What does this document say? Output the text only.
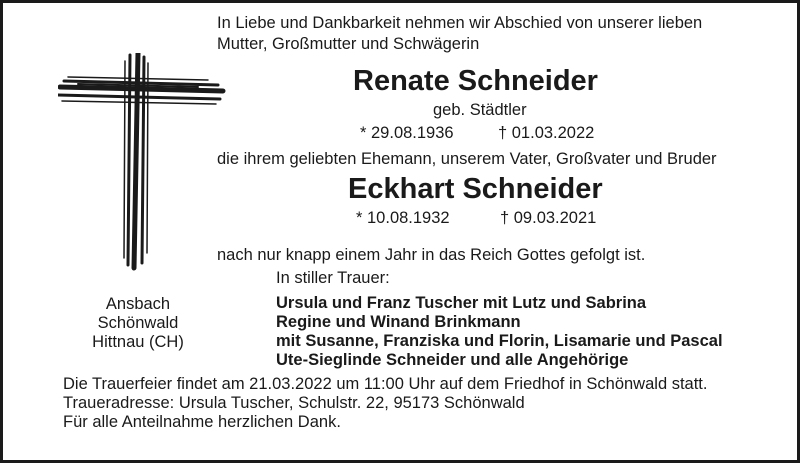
In Liebe und Dankbarkeit nehmen wir Abschied von unserer lieben
Mutter, Großmutter und Schwägerin
Renate Schneider
geb. Städtler
* 29.08.1936	† 01.03.2022
die ihrem geliebten Ehemann, unserem Vater, Großvater und Bruder
Eckhart Schneider
* 10.08.1932	† 09.03.2021
nach nur knapp einem Jahr in das Reich Gottes gefolgt ist.
In stiller Trauer:
Ansbach
Schönwald
Hittnau (CH)
Ursula und Franz Tuscher mit Lutz und Sabrina
Regine und Winand Brinkmann
mit Susanne, Franziska und Florin, Lisamarie und Pascal
Ute-Sieglinde Schneider und alle Angehörige
Die Trauerfeier findet am 21.03.2022 um 11:00 Uhr auf dem Friedhof in Schönwald statt.
Traueradresse: Ursula Tuscher, Schulstr. 22, 95173 Schönwald
Für alle Anteilnahme herzlichen Dank.
